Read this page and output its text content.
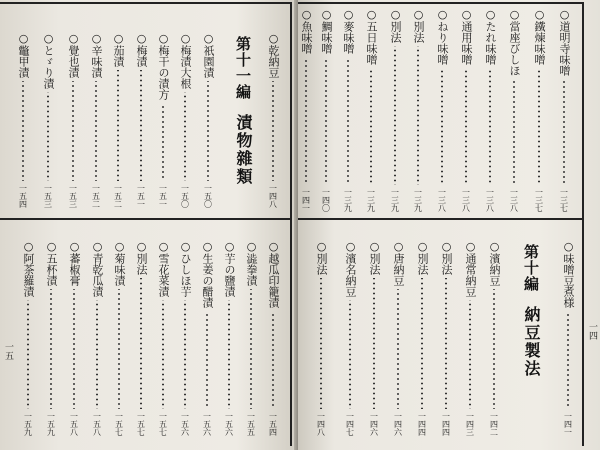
○乾納豆
一四八
第十一編漬物雜類
○祇園漬
一五〇
○梅漬大根
一五〇
○梅干の漬方
一五一
○梅漬
一五一
○茄漬
一五二
○辛味漬
一五二
○覺也漬
一五三
○とゞり漬
一五三
○鼈甲漬
一五四
○越瓜印籠漬
一五四
○澁拳漬
一五五
○芋の鹽漬
一五六
○生姜の醋漬
一五六
○ひしほ芋
一五六
○雪花菜漬
一五七
○別法
一五七
○菊味漬
一五七
○青乾瓜漬
一五八
○蕃椒膏
一五八
○五杯漬
一五九
○阿茶羅漬
一五九
一五
○道明寺味噌
一三七
○鐵煉味噌
一三七
○當座びしほ
一三八
○たれ味噌
一三八
○通用味噌
一三八
○ねり味噌
一三八
○別法
一三九
○別法
一三九
○五日味噌
一三九
○麥味噌
一三九
○鯛味噌
一四〇
○魚味噌
一四一
一四
○味噌豆煮様
一四一
第十編納豆製法
○濱納豆
一四二
○通常納豆
一四三
○別法
一四四
○別法
一四四
○唐納豆
一四六
○別法
一四六
○濱名納豆
一四七
○別法
一四八
